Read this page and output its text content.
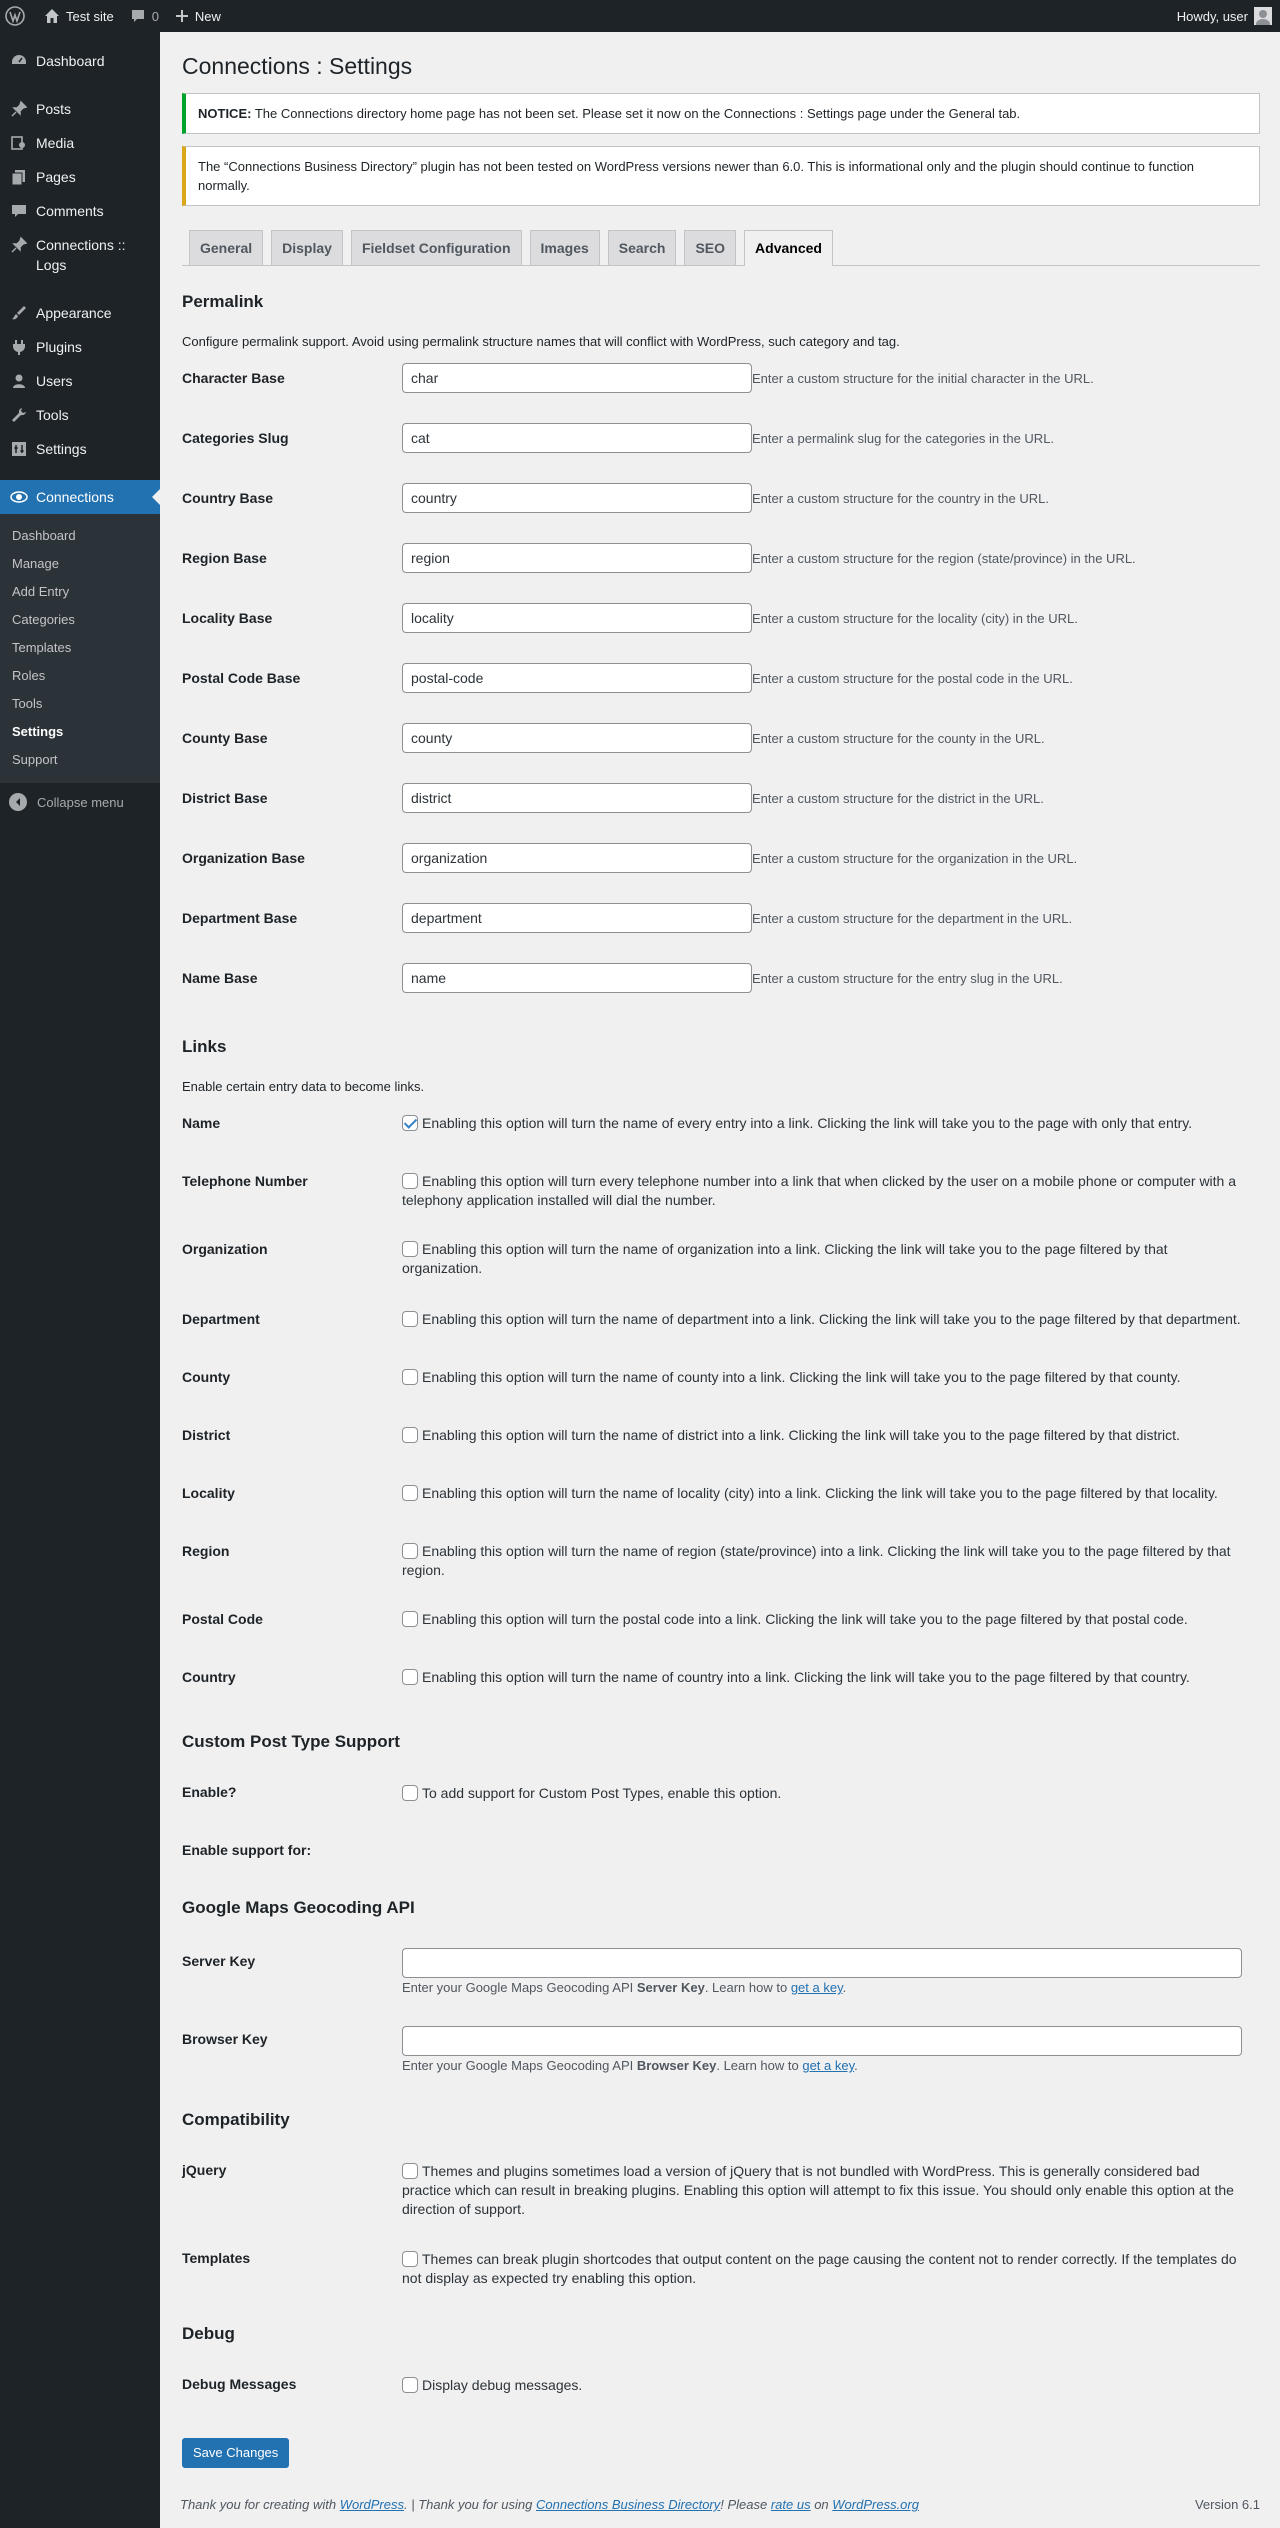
Test site	0	New	Howdy, user
Dashboard
Posts
Media
Pages
Comments
Connections :: Logs
Appearance
Plugins
Users
Tools
Settings
Connections
Dashboard
Manage
Add Entry
Categories
Templates
Roles
Tools
Settings
Support
Collapse menu
Connections : Settings
NOTICE: The Connections directory home page has not been set. Please set it now on the Connections : Settings page under the General tab.
The “Connections Business Directory” plugin has not been tested on WordPress versions newer than 6.0. This is informational only and the plugin should continue to function normally.
General	Display	Fieldset Configuration	Images	Search	SEO	Advanced
Permalink

Configure permalink support. Avoid using permalink structure names that will conflict with WordPress, such category and tag.

Character Base	char	Enter a custom structure for the initial character in the URL.
Categories Slug	cat	Enter a permalink slug for the categories in the URL.
Country Base	country	Enter a custom structure for the country in the URL.
Region Base	region	Enter a custom structure for the region (state/province) in the URL.
Locality Base	locality	Enter a custom structure for the locality (city) in the URL.
Postal Code Base	postal-code	Enter a custom structure for the postal code in the URL.
County Base	county	Enter a custom structure for the county in the URL.
District Base	district	Enter a custom structure for the district in the URL.
Organization Base	organization	Enter a custom structure for the organization in the URL.
Department Base	department	Enter a custom structure for the department in the URL.
Name Base	name	Enter a custom structure for the entry slug in the URL.
Links

Enable certain entry data to become links.

Name	Enabling this option will turn the name of every entry into a link. Clicking the link will take you to the page with only that entry.
Telephone Number	Enabling this option will turn every telephone number into a link that when clicked by the user on a mobile phone or computer with a telephony application installed will dial the number.
Organization	Enabling this option will turn the name of organization into a link. Clicking the link will take you to the page filtered by that organization.
Department	Enabling this option will turn the name of department into a link. Clicking the link will take you to the page filtered by that department.
County	Enabling this option will turn the name of county into a link. Clicking the link will take you to the page filtered by that county.
District	Enabling this option will turn the name of district into a link. Clicking the link will take you to the page filtered by that district.
Locality	Enabling this option will turn the name of locality (city) into a link. Clicking the link will take you to the page filtered by that locality.
Region	Enabling this option will turn the name of region (state/province) into a link. Clicking the link will take you to the page filtered by that region.
Postal Code	Enabling this option will turn the postal code into a link. Clicking the link will take you to the page filtered by that postal code.
Country	Enabling this option will turn the name of country into a link. Clicking the link will take you to the page filtered by that country.
Custom Post Type Support
Enable?	To add support for Custom Post Types, enable this option.
Enable support for:
Google Maps Geocoding API
Server Key
Enter your Google Maps Geocoding API Server Key. Learn how to get a key.
Browser Key
Enter your Google Maps Geocoding API Browser Key. Learn how to get a key.
Compatibility
jQuery	Themes and plugins sometimes load a version of jQuery that is not bundled with WordPress. This is generally considered bad practice which can result in breaking plugins. Enabling this option will attempt to fix this issue. You should only enable this option at the direction of support.
Templates	Themes can break plugin shortcodes that output content on the page causing the content not to render correctly. If the templates do not display as expected try enabling this option.
Debug
Debug Messages	Display debug messages.
Save Changes
Thank you for creating with WordPress. | Thank you for using Connections Business Directory! Please rate us on WordPress.org	Version 6.1
